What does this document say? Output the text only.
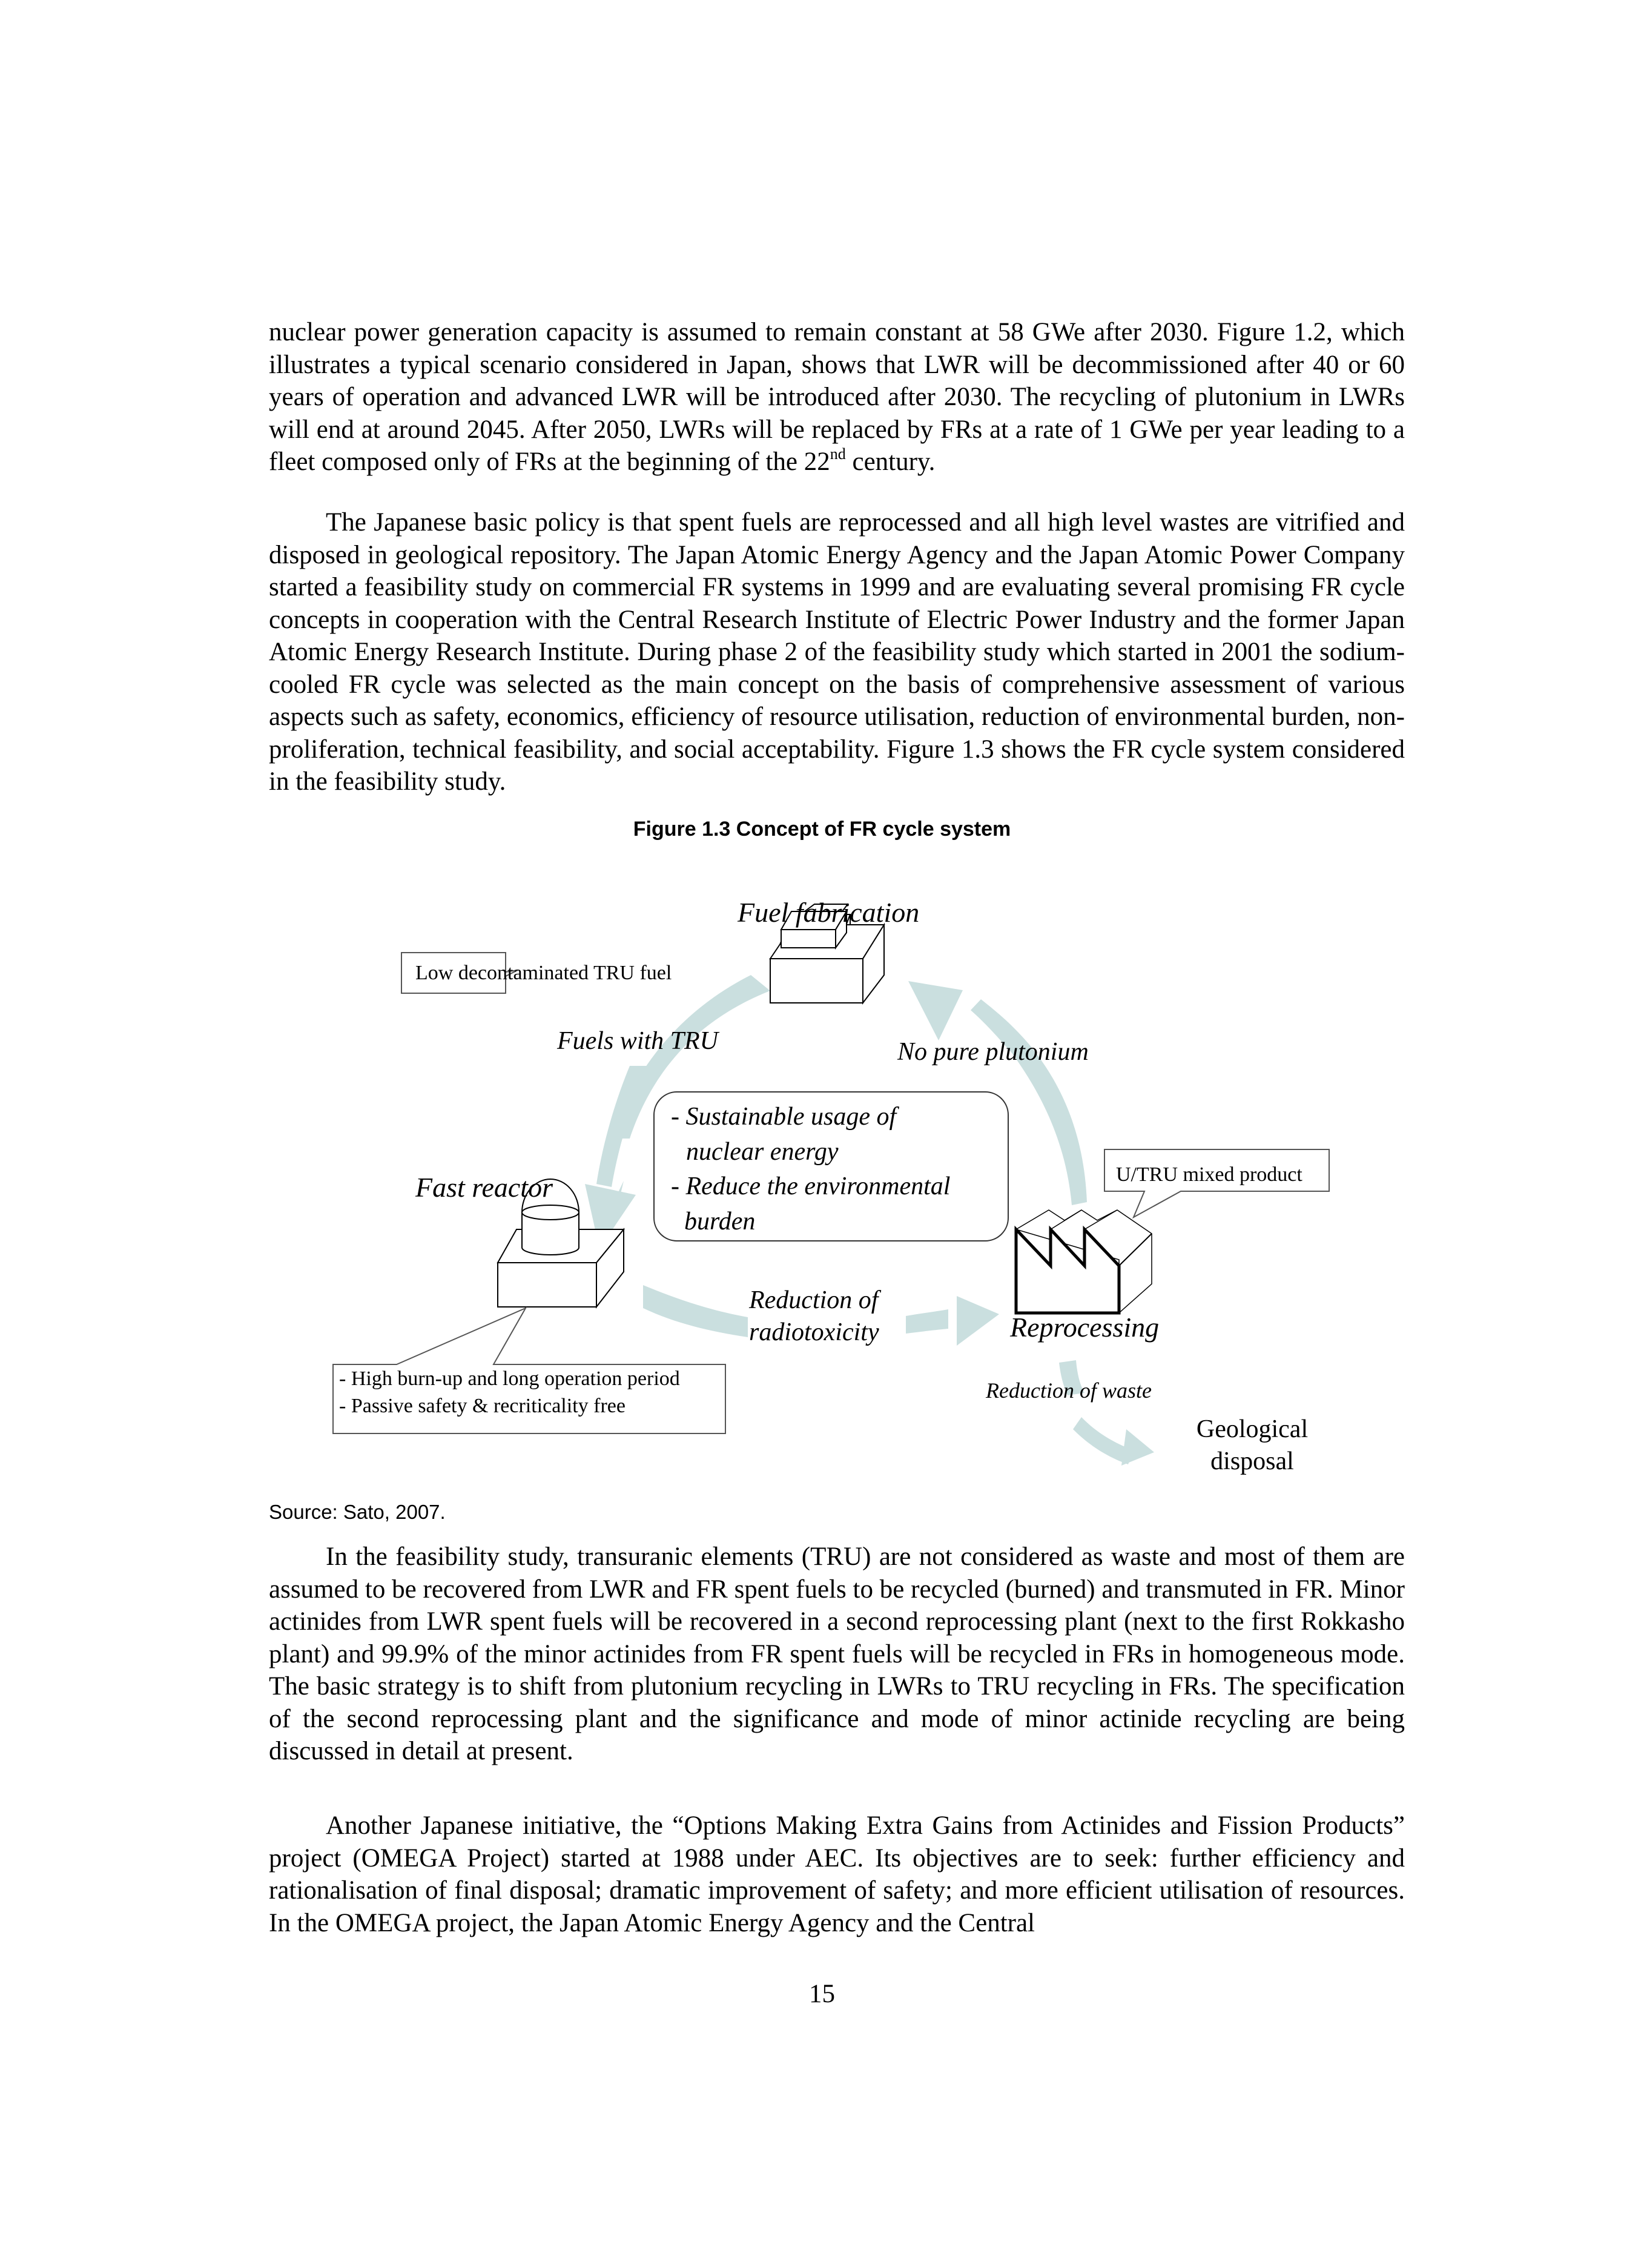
nuclear power generation capacity is assumed to remain constant at 58 GWe after 2030. Figure 1.2, which illustrates a typical scenario considered in Japan, shows that LWR will be decommissioned after 40 or 60 years of operation and advanced LWR will be introduced after 2030. The recycling of plutonium in LWRs will end at around 2045. After 2050, LWRs will be replaced by FRs at a rate of 1 GWe per year leading to a fleet composed only of FRs at the beginning of the 22nd century.

The Japanese basic policy is that spent fuels are reprocessed and all high level wastes are vitrified and disposed in geological repository. The Japan Atomic Energy Agency and the Japan Atomic Power Company started a feasibility study on commercial FR systems in 1999 and are evaluating several promising FR cycle concepts in cooperation with the Central Research Institute of Electric Power Industry and the former Japan Atomic Energy Research Institute. During phase 2 of the feasibility study which started in 2001 the sodium-cooled FR cycle was selected as the main concept on the basis of comprehensive assessment of various aspects such as safety, economics, efficiency of resource utilisation, reduction of environmental burden, non-proliferation, technical feasibility, and social acceptability. Figure 1.3 shows the FR cycle system considered in the feasibility study.

Figure 1.3 Concept of FR cycle system
Low decontaminated TRU fuel
U/TRU mixed product
- High burn-up and long operation period
- Passive safety & recriticality free
- Sustainable usage of
nuclear energy
- Reduce the environmental
burden
Fuel fabrication
Fast reactor
Reprocessing
Geological
disposal
Fuels with TRU	No pure plutonium
Reduction of
radiotoxicity
Reduction of waste
Source: Sato, 2007.

In the feasibility study, transuranic elements (TRU) are not considered as waste and most of them are assumed to be recovered from LWR and FR spent fuels to be recycled (burned) and transmuted in FR. Minor actinides from LWR spent fuels will be recovered in a second reprocessing plant (next to the first Rokkasho plant) and 99.9% of the minor actinides from FR spent fuels will be recycled in FRs in homogeneous mode. The basic strategy is to shift from plutonium recycling in LWRs to TRU recycling in FRs. The specification of the second reprocessing plant and the significance and mode of minor actinide recycling are being discussed in detail at present.

Another Japanese initiative, the “Options Making Extra Gains from Actinides and Fission Products” project (OMEGA Project) started at 1988 under AEC. Its objectives are to seek: further efficiency and rationalisation of final disposal; dramatic improvement of safety; and more efficient utilisation of resources. In the OMEGA project, the Japan Atomic Energy Agency and the Central

15
